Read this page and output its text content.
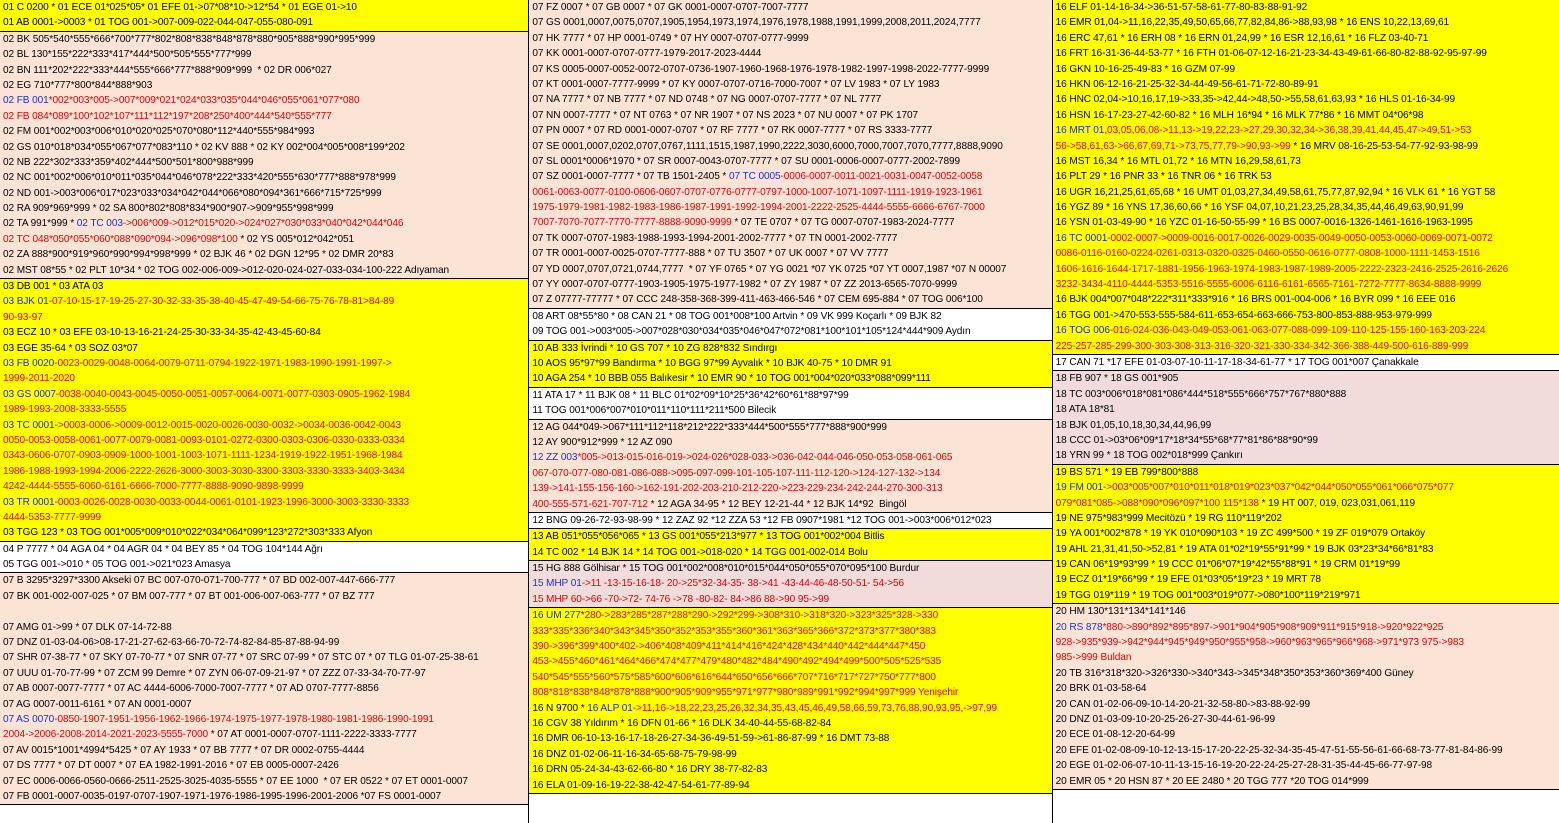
01 C 0200 * 01 ECE 01*025*05* 01 EFE 01->07*08*10->12*54 * 01 EGE 01->10
01 AB 0001->0003 * 01 TOG 001->007-009-022-044-047-055-080-091
02 BK 505*540*555*666*700*777*802*808*838*848*878*880*905*888*990*995*999
02 BL 130*155*222*333*417*444*500*505*555*777*999
02 BN 111*202*222*333*444*555*666*777*888*909*999  * 02 DR 006*027
02 EG 710*777*800*844*888*903
02 FB 001*002*003*005->007*009*021*024*033*035*044*046*055*061*077*080
02 FB 084*089*100*102*107*111*112*197*208*250*400*444*540*555*777
02 FM 001*002*003*006*010*020*025*070*080*112*440*555*984*993
02 GS 010*018*034*055*067*077*083*110 * 02 KV 888 * 02 KY 002*004*005*008*199*202
02 NB 222*302*333*359*402*444*500*501*800*988*999
02 NC 001*002*006*010*011*035*044*046*078*222*333*420*555*630*777*888*978*999
02 ND 001->003*006*017*023*033*034*042*044*066*080*094*361*666*715*725*999
02 RA 909*969*999 * 02 SA 800*802*808*834*900*907->909*955*998*999
02 TA 991*999 * 02 TC 003->006*009->012*015*020->024*027*030*033*040*042*044*046
02 TC 048*050*055*060*088*090*094->096*098*100 * 02 YS 005*012*042*051
02 ZA 888*900*919*960*990*994*998*999 * 02 BJK 46 * 02 DGN 12*95 * 02 DMR 20*83
02 MST 08*55 * 02 PLT 10*34 * 02 TOG 002-006-009->012-020-024-027-033-034-100-222 Adıyaman
03 DB 001 * 03 ATA 03
03 BJK 01-07-10-15-17-19-25-27-30-32-33-35-38-40-45-47-49-54-66-75-76-78-81>84-89
90-93-97
03 ECZ 10 * 03 EFE 03-10-13-16-21-24-25-30-33-34-35-42-43-45-60-84
03 EGE 35-64 * 03 SOZ 03*07
03 FB 0020-0023-0029-0048-0064-0079-0711-0794-1922-1971-1983-1990-1991-1997->
1999-2011-2020
03 GS 0007-0038-0040-0043-0045-0050-0051-0057-0064-0071-0077-0303-0905-1962-1984
1989-1993-2008-3333-5555
03 TC 0001->0003-0006->0009-0012-0015-0020-0026-0030-0032->0034-0036-0042-0043
0050-0053-0058-0061-0077-0079-0081-0093-0101-0272-0300-0303-0306-0330-0333-0334
0343-0606-0707-0903-0909-1000-1001-1003-1071-1111-1234-1919-1922-1951-1968-1984
1986-1988-1993-1994-2006-2222-2626-3000-3003-3030-3300-3303-3330-3333-3403-3434
4242-4444-5555-6060-6161-6666-7000-7777-8888-9090-9898-9999
03 TR 0001-0003-0026-0028-0030-0033-0044-0061-0101-1923-1996-3000-3003-3330-3333
4444-5353-7777-9999
03 TGG 123 * 03 TOG 001*005*009*010*022*034*064*099*123*272*303*333 Afyon
04 P 7777 * 04 AGA 04 * 04 AGR 04 * 04 BEY 85 * 04 TOG 104*144 Ağrı
05 TGG 001->010 * 05 TOG 001->021*023 Amasya
07 B 3295*3297*3300 Akseki 07 BC 007-070-071-700-777 * 07 BD 002-007-447-666-777
07 BK 001-002-007-025 * 07 BM 007-777 * 07 BT 001-006-007-063-777 * 07 BZ 777
07 AMG 01->99 * 07 DLK 07-14-72-88
07 DNZ 01-03-04-06>08-17-21-27-62-63-66-70-72-74-82-84-85-87-88-94-99
07 SHR 07-38-77 * 07 SKY 07-70-77 * 07 SNR 07-77 * 07 SRC 07-99 * 07 STC 07 * 07 TLG 01-07-25-38-61
07 UUU 01-70-77-99 * 07 ZCM 99 Demre * 07 ZYN 06-07-09-21-97 * 07 ZZZ 07-33-34-70-77-97
07 AB 0007-0077-7777 * 07 AC 4444-6006-7000-7007-7777 * 07 AD 0707-7777-8856
07 AG 0007-0011-6161 * 07 AN 0001-0007
07 AS 0070-0850-1907-1951-1956-1962-1966-1974-1975-1977-1978-1980-1981-1986-1990-1991
2004->2006-2008-2014-2021-2023-5555-7000 * 07 AT 0001-0007-0707-1111-2222-3333-7777
07 AV 0015*1001*4994*5425 * 07 AY 1933 * 07 BB 7777 * 07 DR 0002-0755-4444
07 DS 7777 * 07 DT 0007 * 07 EA 1982-1991-2016 * 07 EB 0005-0007-2426
07 EC 0006-0066-0560-0666-2511-2525-3025-4035-5555 * 07 EE 1000  * 07 ER 0522 * 07 ET 0001-0007
07 FB 0001-0007-0035-0197-0707-1907-1971-1976-1986-1995-1996-2001-2006 *07 FS 0001-0007
07 FZ 0007 * 07 GB 0007 * 07 GK 0001-0007-0707-7007-7777
07 GS 0001,0007,0075,0707,1905,1954,1973,1974,1976,1978,1988,1991,1999,2008,2011,2024,7777
07 HK 7777 * 07 HP 0001-0749 * 07 HY 0007-0707-0777-9999
07 KK 0001-0007-0707-0777-1979-2017-2023-4444
07 KS 0005-0007-0052-0072-0707-0736-1907-1960-1968-1976-1978-1982-1997-1998-2022-7777-9999
07 KT 0001-0007-7777-9999 * 07 KY 0007-0707-0716-7000-7007 * 07 LV 1983 * 07 LY 1983
07 NA 7777 * 07 NB 7777 * 07 ND 0748 * 07 NG 0007-0707-7777 * 07 NL 7777
07 NN 0007-7777 * 07 NT 0763 * 07 NR 1907 * 07 NS 2023 * 07 NU 0007 * 07 PK 1707
07 PN 0007 * 07 RD 0001-0007-0707 * 07 RF 7777 * 07 RK 0007-7777 * 07 RS 3333-7777
07 SE 0001,0007,0202,0707,0767,1111,1515,1987,1990,2222,3030,6000,7000,7007,7070,7777,8888,9090
07 SL 0001*0006*1970 * 07 SR 0007-0043-0707-7777 * 07 SU 0001-0006-0007-0777-2002-7899
07 SZ 0001-0007-7777 * 07 TB 1501-2405 * 07 TC 0005-0006-0007-0011-0021-0031-0047-0052-0058
0061-0063-0077-0100-0606-0607-0707-0776-0777-0797-1000-1007-1071-1097-1111-1919-1923-1961
1975-1979-1981-1982-1983-1986-1987-1991-1992-1994-2001-2222-2525-4444-5555-6666-6767-7000
7007-7070-7077-7770-7777-8888-9090-9999 * 07 TE 0707 * 07 TG 0007-0707-1983-2024-7777
07 TK 0007-0707-1983-1988-1993-1994-2001-2002-7777 * 07 TN 0001-2002-7777
07 TR 0001-0007-0025-0707-7777-888 * 07 TU 3507 * 07 UK 0007 * 07 VV 7777
07 YD 0007,0707,0721,0744,7777  * 07 YF 0765 * 07 YG 0021 *07 YK 0725 *07 YT 0007,1987 *07 N 00007
07 YY 0007-0707-0777-1903-1905-1975-1977-1982 * 07 ZY 1987 * 07 ZZ 2013-6565-7070-9999
07 Z 07777-77777 * 07 CCC 248-358-368-399-411-463-466-546 * 07 CEM 695-884 * 07 TOG 006*100
08 ART 08*55*80 * 08 CAN 21 * 08 TOG 001*008*100 Artvin * 09 VK 999 Koçarlı * 09 BJK 82
09 TOG 001->003*005->007*028*030*034*035*046*047*072*081*100*101*105*124*444*909 Aydın
10 AB 333 İvrindi * 10 GS 707 * 10 ZG 828*832 Sındırgı
10 AOS 95*97*99 Bandırma * 10 BGG 97*99 Ayvalık * 10 BJK 40-75 * 10 DMR 91
10 AGA 254 * 10 BBB 055 Balıkesir * 10 EMR 90 * 10 TOG 001*004*020*033*088*099*111
11 ATA 17 * 11 BJK 08 * 11 BLC 01*02*09*10*25*36*42*60*61*88*97*99
11 TOG 001*006*007*010*011*110*111*211*500 Bilecik
12 AG 044*049->067*111*112*118*212*222*333*444*500*555*777*888*900*999
12 AY 900*912*999 * 12 AZ 090
12 ZZ 003*005->013-015-016-019->024-026*028-033->036-042-044-046-050-053-058-061-065
067-070-077-080-081-086-088->095-097-099-101-105-107-111-112-120->124-127-132->134
139->141-155-156-160->162-191-202-203-210-212-220->223-229-234-242-244-270-300-313
400-555-571-621-707-712 * 12 AGA 34-95 * 12 BEY 12-21-44 * 12 BJK 14*92  Bingöl
12 BNG 09-26-72-93-98-99 * 12 ZAZ 92 *12 ZZA 53 *12 FB 0907*1981 *12 TOG 001->003*006*012*023
13 AB 051*055*056*065 * 13 GS 001*055*213*977 * 13 TOG 001*002*004 Bitlis
14 TC 002 * 14 BJK 14 * 14 TOG 001->018-020 * 14 TGG 001-002-014 Bolu
15 HG 888 Gölhisar * 15 TOG 001*002*008*010*015*044*050*055*070*095*100 Burdur
15 MHP 01->11 -13-15-16-18- 20->25*32-34-35- 38->41 -43-44-46-48-50-51- 54->56
15 MHP 60->66 -70->72- 74-76 ->78 -80-82- 84->86 88->90 95->99
16 UM 277*280->283*285*287*288*290->292*299->308*310->318*320->323*325*328->330
333*335*336*340*343*345*350*352*353*355*360*361*363*365*366*372*373*377*380*383
390->396*399*400*402->406*408*409*411*414*416*424*428*434*440*442*444*447*450
453->455*460*461*464*466*474*477*479*480*482*484*490*492*494*499*500*505*525*535
540*545*555*560*575*585*600*606*616*644*650*656*666*707*716*717*727*750*777*800
808*818*838*848*878*888*900*905*909*955*971*977*980*989*991*992*994*997*999 Yenişehir
16 N 9700 * 16 ALP 01->11,16->18,22,23,25,26,32,34,35,43,45,46,49,58,66,59,73,76,88,90,93,95,->97,99
16 CGV 38 Yıldırım * 16 DFN 01-66 * 16 DLK 34-40-44-55-68-82-84
16 DMR 06-10-13-16-17-18-26-27-34-36-49-51-59->61-86-87-99 * 16 DMT 73-88
16 DNZ 01-02-06-11-16-34-65-68-75-79-98-99
16 DRN 05-24-34-43-62-66-80 * 16 DRY 38-77-82-83
16 ELA 01-09-16-19-22-38-42-47-54-61-77-89-94
16 ELF 01-14-16-34->36-51-57-58-61-77-80-83-88-91-92
16 EMR 01,04->11,16,22,35,49,50,65,66,77,82,84,86->88,93,98 * 16 ENS 10,22,13,69,61
16 ERC 47,61 * 16 ERH 08 * 16 ERN 01,24,99 * 16 ESR 12,16,61 * 16 FLZ 03-40-71
16 FRT 16-31-36-44-53-77 * 16 FTH 01-06-07-12-16-21-23-34-43-49-61-66-80-82-88-92-95-97-99
16 GKN 10-16-25-49-83 * 16 GZM 07-99
16 HKN 06-12-16-21-25-32-34-44-49-56-61-71-72-80-89-91
16 HNC 02,04->10,16,17,19->33,35->42,44->48,50->55,58,61,63,93 * 16 HLS 01-16-34-99
16 HSN 16-17-23-27-42-60-82 * 16 MLH 16*94 * 16 MLK 77*86 * 16 MMT 04*06*98
16 MRT 01,03,05,06,08->11,13->19,22,23->27,29,30,32,34->36,38,39,41,44,45,47->49,51->53
56->58,61,63->66,67,69,71->73,75,77,79->90,93->99 * 16 MRV 08-16-25-53-54-77-92-93-98-99
16 MST 16,34 * 16 MTL 01,72 * 16 MTN 16,29,58,61,73
16 PLT 29 * 16 PNR 33 * 16 TNR 06 * 16 TRK 53
16 UGR 16,21,25,61,65,68 * 16 UMT 01,03,27,34,49,58,61,75,77,87,92,94 * 16 VLK 61 * 16 YGT 58
16 YGZ 89 * 16 YNS 17,36,60,66 * 16 YSF 04,07,10,21,23,25,28,34,35,44,46,49,63,90,91,99
16 YSN 01-03-49-90 * 16 YZC 01-16-50-55-99 * 16 BS 0007-0016-1326-1461-1616-1963-1995
16 TC 0001-0002-0007->0009-0016-0017-0026-0029-0035-0049-0050-0053-0060-0069-0071-0072
0086-0116-0160-0224-0261-0313-0320-0325-0460-0550-0616-0777-0808-1000-1111-1453-1516
1606-1616-1644-1717-1881-1956-1963-1974-1983-1987-1989-2005-2222-2323-2416-2525-2616-2626
3232-3434-4110-4444-5353-5516-5555-6006-6116-6161-6565-7161-7272-7777-8634-8888-9999
16 BJK 004*007*048*222*311*333*916 * 16 BRS 001-004-006 * 16 BYR 099 * 16 EEE 016
16 TGG 001->470-553-555-584-611-653-654-663-666-753-800-853-888-953-979-999
16 TOG 006-016-024-036-043-049-053-061-063-077-088-099-109-110-125-155-160-163-203-224
225-257-285-299-300-303-308-313-316-320-321-330-334-342-366-388-449-500-616-889-999
17 CAN 71 *17 EFE 01-03-07-10-11-17-18-34-61-77 * 17 TOG 001*007 Çanakkale
18 FB 907 * 18 GS 001*905
18 TC 003*006*018*081*086*444*518*555*666*757*767*880*888
18 ATA 18*81
18 BJK 01,05,10,18,30,34,44,96,99
18 CCC 01->03*06*09*17*18*34*55*68*77*81*86*88*90*99
18 YRN 99 * 18 TOG 002*018*999 Çankırı
19 BS 571 * 19 EB 799*800*888
19 FM 001->003*005*007*010*011*018*019*023*037*042*044*050*055*061*066*075*077
079*081*085->088*090*096*097*100 115*138 * 19 HT 007, 019, 023,031,061,119
19 NE 975*983*999 Mecitözü * 19 RG 110*119*202
19 YA 001*002*878 * 19 YK 010*090*103 * 19 ZC 499*500 * 19 ZF 019*079 Ortaköy
19 AHL 21,31,41,50->52,81 * 19 ATA 01*02*19*55*91*99 * 19 BJK 03*23*34*66*81*83
19 CAN 06*19*93*99 * 19 CCC 01*06*07*19*42*55*88*91 * 19 CRM 01*19*99
19 ECZ 01*19*66*99 * 19 EFE 01*03*05*19*23 * 19 MRT 78
19 TGG 019*119 * 19 TOG 001*003*019*077->080*100*119*219*971
20 HM 130*131*134*141*146
20 RS 878*880->890*892*895*897->901*904*905*908*909*911*915*918->920*922*925
928->935*939->942*944*945*949*950*955*958->960*963*965*966*968->971*973 975->983
985->999 Buldan
20 TB 316*318*320->326*330->340*343->345*348*350*353*360*369*400 Güney
20 BRK 01-03-58-64
20 CAN 01-02-06-09-10-14-20-21-32-58-80->83-88-92-99
20 DNZ 01-03-09-10-20-25-26-27-30-44-61-96-99
20 ECE 01-08-12-20-64-99
20 EFE 01-02-08-09-10-12-13-15-17-20-22-25-32-34-35-45-47-51-55-56-61-66-68-73-77-81-84-86-99
20 EGE 01-02-06-07-10-11-13-15-16-19-20-22-24-25-27-28-31-35-44-45-66-77-97-98
20 EMR 05 * 20 HSN 87 * 20 EE 2480 * 20 TGG 777 *20 TOG 014*999
